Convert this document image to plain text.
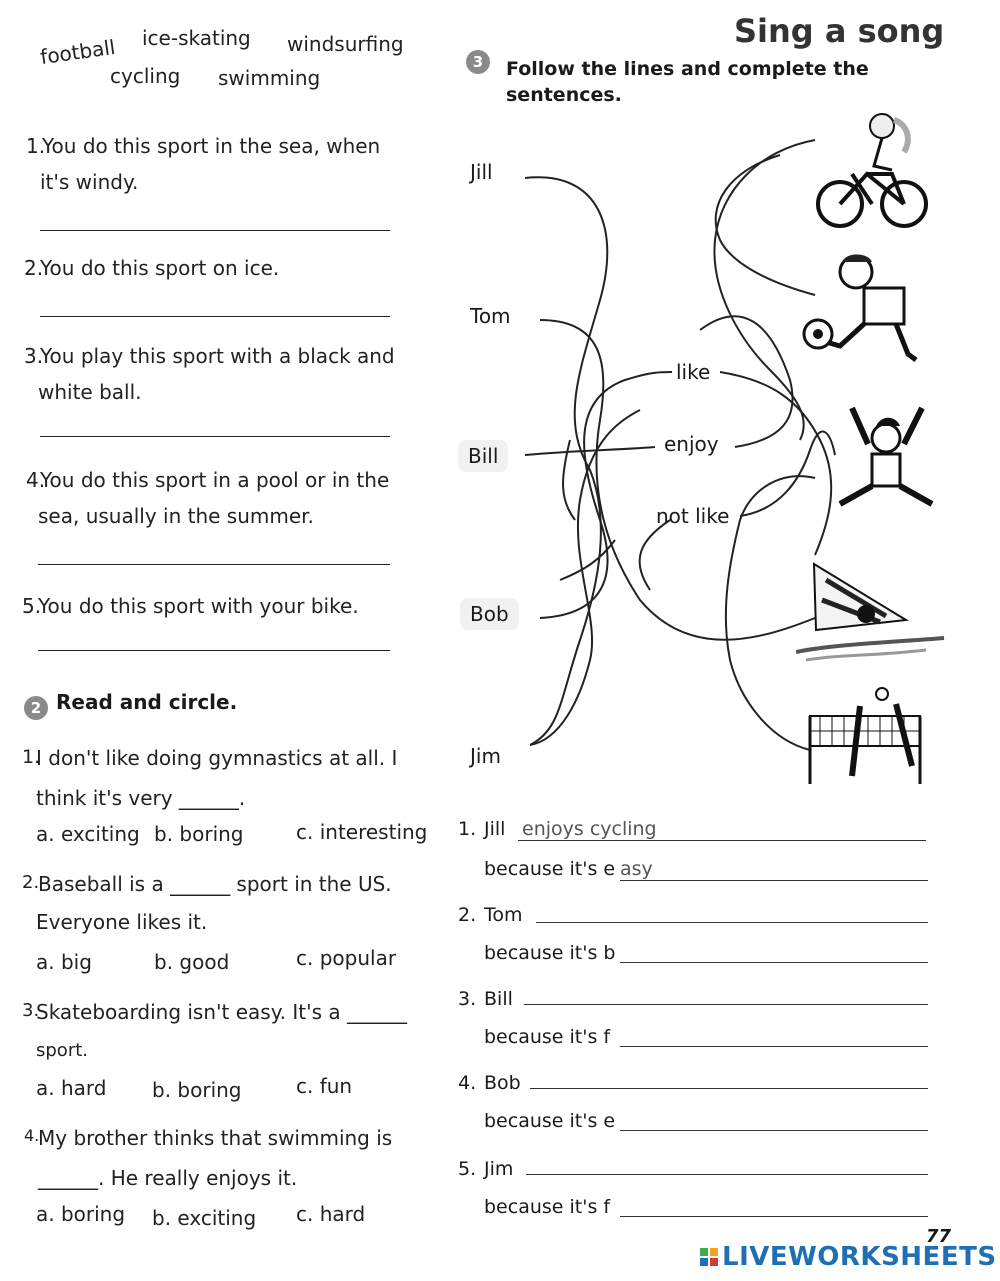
football ice-skating windsurfing
cycling swimming
1.
You do this sport in the sea, when
it's windy.
2.
You do this sport on ice.
3.
You play this sport with a black and
white ball.
4.
You do this sport in a pool or in the
sea, usually in the summer.
5.
You do this sport with your bike.
2 Read and circle.
1.
I don't like doing gymnastics at all. I
think it's very ______.
a. exciting b. boring	c. interesting
2.
Baseball is a ______ sport in the US.
Everyone likes it.
a. big	b. good	c. popular
3.
Skateboarding isn't easy. It's a ______
sport.
a. hard b. boring	c. fun
4.
My brother thinks that swimming is
______. He really enjoys it.
a. boring b. exciting c. hard
Sing a song
3	Follow the lines and complete the
sentences.
Jill
Tom
Bill
Bob
Jim
like
enjoy
not like
1. Jill enjoys cycling
because it's e asy
2. Tom
because it's b
3. Bill
because it's f
4. Bob
because it's e
5. Jim
because it's f
77
LIVEWORKSHEETS
